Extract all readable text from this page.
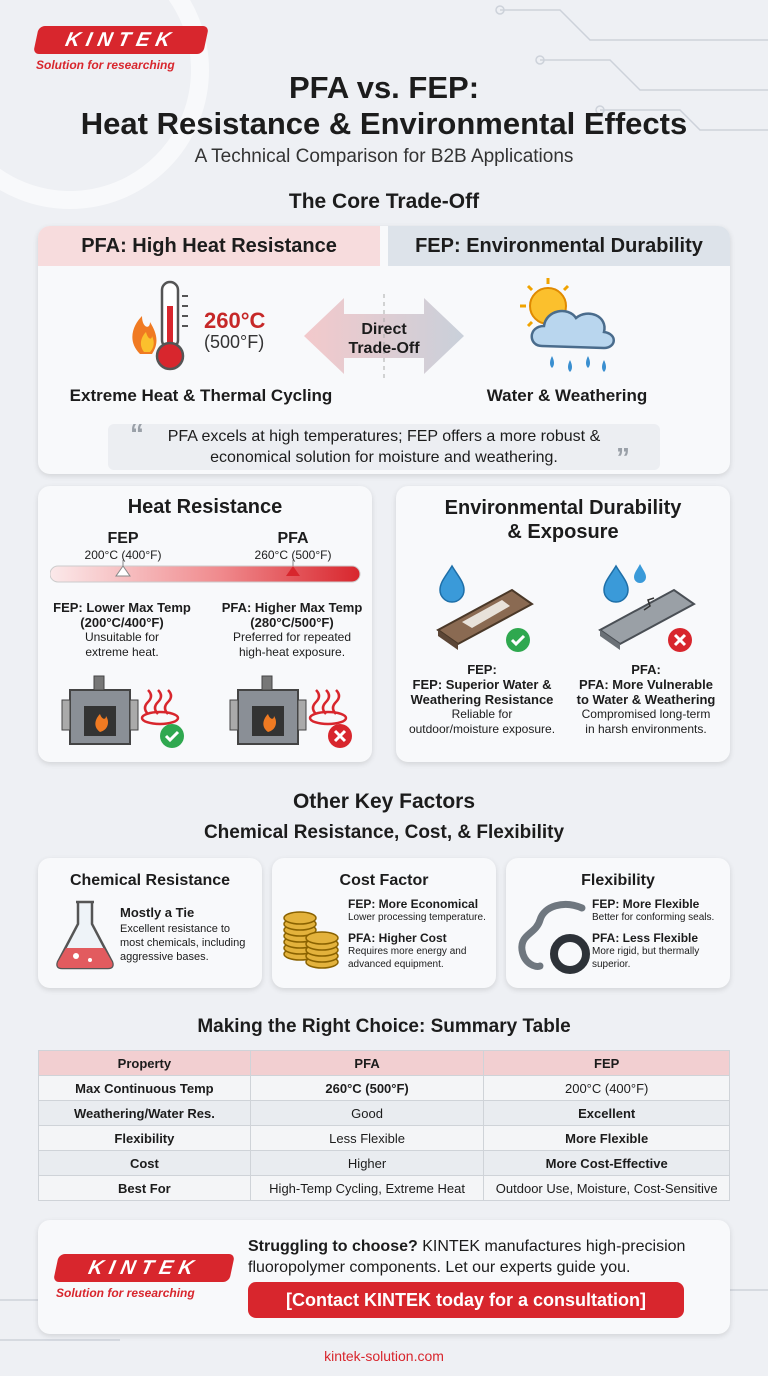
KINTEK
Solution for researching
PFA vs. FEP:
Heat Resistance & Environmental Effects
A Technical Comparison for B2B Applications
The Core Trade-Off
PFA: High Heat Resistance	FEP: Environmental Durability
260°C
(500°F)
Direct
Trade-Off
Extreme Heat & Thermal Cycling	Water & Weathering
PFA excels at high temperatures; FEP offers a more robust &
economical solution for moisture and weathering.
“
”
Heat Resistance
FEP
200°C (400°F)
PFA
260°C (500°F)
FEP: Lower Max Temp
(200°C/400°F)
Unsuitable for
extreme heat.
PFA: Higher Max Temp
(280°C/500°F)
Preferred for repeated
high-heat exposure.
Environmental Durability
& Exposure
FEP:
FEP: Superior Water &
Weathering Resistance
Reliable for
outdoor/moisture exposure.
PFA:
PFA: More Vulnerable
to Water & Weathering
Compromised long-term
in harsh environments.
Other Key Factors
Chemical Resistance, Cost, & Flexibility
Chemical Resistance
Mostly a Tie
Excellent resistance to
most chemicals, including
aggressive bases.
Cost Factor
FEP: More Economical
Lower processing temperature.
PFA: Higher Cost
Requires more energy and
advanced equipment.
Flexibility
FEP: More Flexible
Better for conforming seals.
PFA: Less Flexible
More rigid, but thermally
superior.
Making the Right Choice: Summary Table
Property	PFA	FEP
Max Continuous Temp	260°C (500°F)	200°C (400°F)
Weathering/Water Res.	Good	Excellent
Flexibility	Less Flexible	More Flexible
Cost	Higher	More Cost-Effective
Best For	High-Temp Cycling, Extreme Heat	Outdoor Use, Moisture, Cost-Sensitive
KINTEK
Solution for researching
Struggling to choose? KINTEK manufactures high-precision
fluoropolymer components. Let our experts guide you.
[Contact KINTEK today for a consultation]
kintek-solution.com
